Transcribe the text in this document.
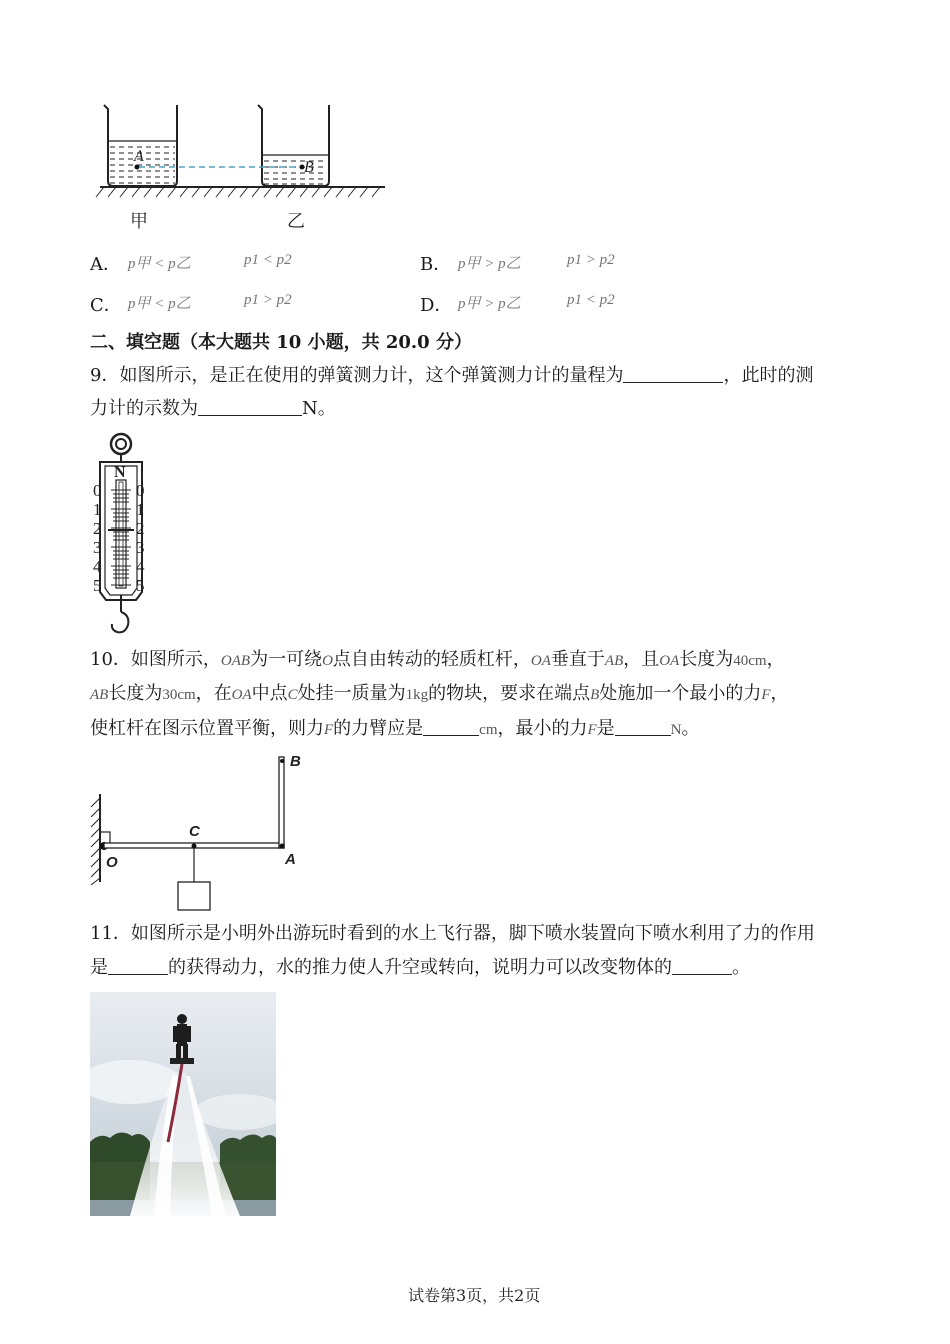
A
B
甲	乙
A． p甲 < p乙	p1 < p2	B． p甲 > p乙	p1 > p2
C． p甲 < p乙	p1 > p2	D． p甲 > p乙	p1 < p2
二、填空题（本大题共 10 小题，共 20.0 分）
9．如图所示，是正在使用的弹簧测力计，这个弹簧测力计的量程为	，此时的测
力计的示数为	N。
N
0
1
2
3
4
5
0
1
2
3
4
5
10．如图所示，OAB为一可绕O点自由转动的轻质杠杆，OA垂直于AB，且OA长度为40cm，
AB长度为30cm，在OA中点C处挂一质量为1kg的物块，要求在端点B处施加一个最小的力F，
使杠杆在图示位置平衡，则力F的力臂应是	cm，最小的力F是	N。
B
C
O	A
11．如图所示是小明外出游玩时看到的水上飞行器，脚下喷水装置向下喷水利用了力的作用
是	的获得动力，水的推力使人升空或转向，说明力可以改变物体的	。
试卷第3页，共2页
